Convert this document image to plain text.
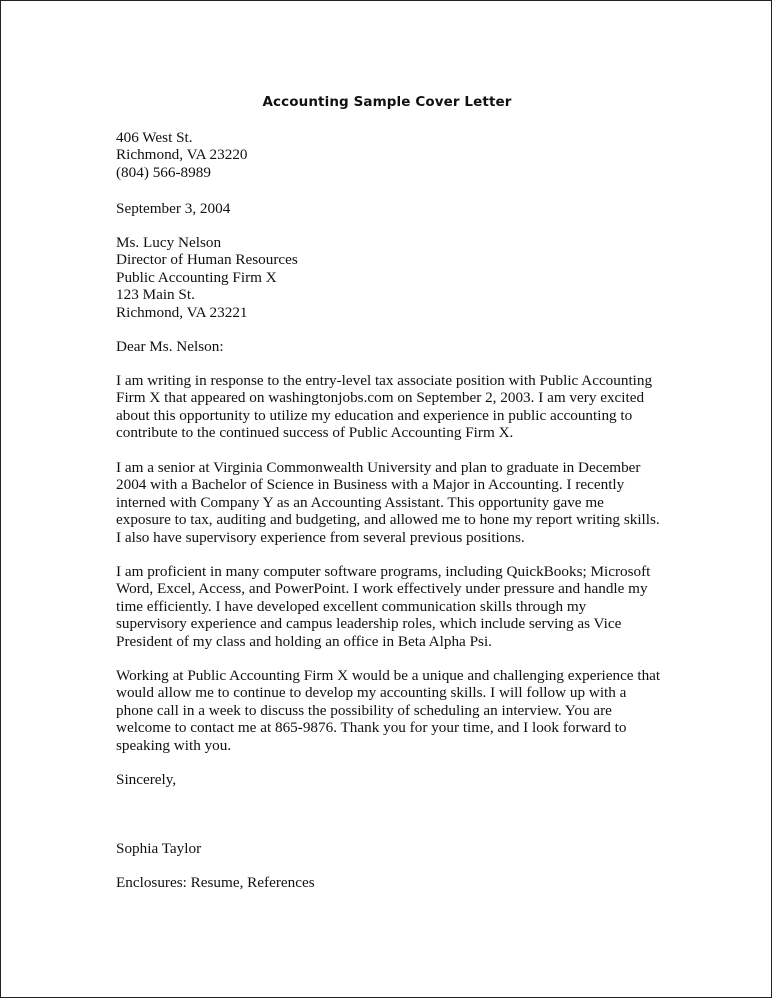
Accounting Sample Cover Letter
406 West St.
Richmond, VA 23220
(804) 566-8989
September 3, 2004
Ms. Lucy Nelson
Director of Human Resources
Public Accounting Firm X
123 Main St.
Richmond, VA 23221
Dear Ms. Nelson:
I am writing in response to the entry-level tax associate position with Public Accounting
Firm X that appeared on washingtonjobs.com on September 2, 2003. I am very excited
about this opportunity to utilize my education and experience in public accounting to
contribute to the continued success of Public Accounting Firm X.
I am a senior at Virginia Commonwealth University and plan to graduate in December
2004 with a Bachelor of Science in Business with a Major in Accounting. I recently
interned with Company Y as an Accounting Assistant. This opportunity gave me
exposure to tax, auditing and budgeting, and allowed me to hone my report writing skills.
I also have supervisory experience from several previous positions.
I am proficient in many computer software programs, including QuickBooks; Microsoft
Word, Excel, Access, and PowerPoint. I work effectively under pressure and handle my
time efficiently. I have developed excellent communication skills through my
supervisory experience and campus leadership roles, which include serving as Vice
President of my class and holding an office in Beta Alpha Psi.
Working at Public Accounting Firm X would be a unique and challenging experience that
would allow me to continue to develop my accounting skills. I will follow up with a
phone call in a week to discuss the possibility of scheduling an interview. You are
welcome to contact me at 865-9876. Thank you for your time, and I look forward to
speaking with you.
Sincerely,
Sophia Taylor
Enclosures: Resume, References
